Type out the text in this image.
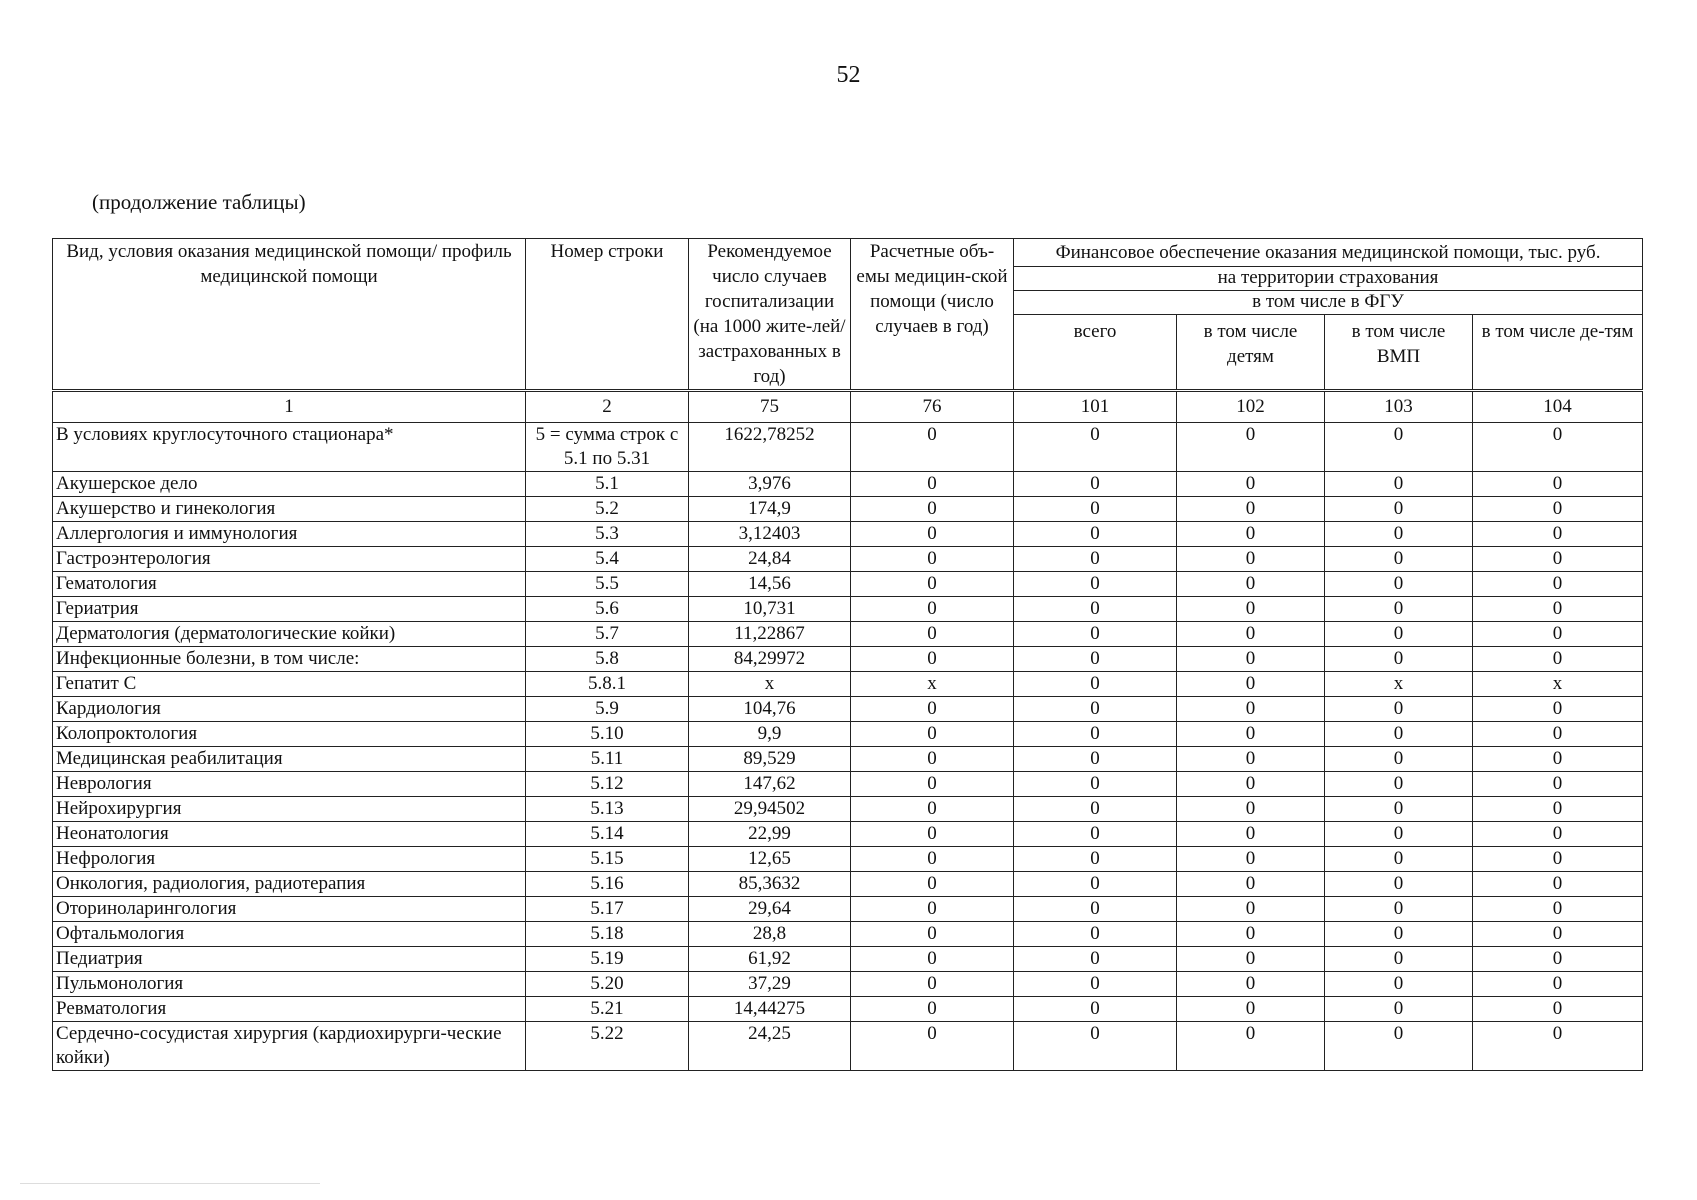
52
(продолжение таблицы)
Вид, условия оказания медицинской помощи/ профиль медицинской помощи	Номер строки	Рекомендуемое число случаев госпитализации (на 1000 жите-лей/ застрахованных в год)	Расчетные объ-емы медицин-ской помощи (число случаев в год)	Финансовое обеспечение оказания медицинской помощи, тыс. руб.			
				на территории страхования			
				в том числе в ФГУ			
				всего	в том числе детям	в том числе ВМП	в том числе де-тям
1	2	75	76	101	102	103	104
В условиях круглосуточного стационара*	5 = сумма строк с 5.1 по 5.31	1622,78252	0	0	0	0	0
Акушерское дело	5.1	3,976	0	0	0	0	0
Акушерство и гинекология	5.2	174,9	0	0	0	0	0
Аллергология и иммунология	5.3	3,12403	0	0	0	0	0
Гастроэнтерология	5.4	24,84	0	0	0	0	0
Гематология	5.5	14,56	0	0	0	0	0
Гериатрия	5.6	10,731	0	0	0	0	0
Дерматология (дерматологические койки)	5.7	11,22867	0	0	0	0	0
Инфекционные болезни, в том числе:	5.8	84,29972	0	0	0	0	0
Гепатит С	5.8.1	x	x	0	0	x	x
Кардиология	5.9	104,76	0	0	0	0	0
Колопроктология	5.10	9,9	0	0	0	0	0
Медицинская реабилитация	5.11	89,529	0	0	0	0	0
Неврология	5.12	147,62	0	0	0	0	0
Нейрохирургия	5.13	29,94502	0	0	0	0	0
Неонатология	5.14	22,99	0	0	0	0	0
Нефрология	5.15	12,65	0	0	0	0	0
Онкология, радиология, радиотерапия	5.16	85,3632	0	0	0	0	0
Оториноларингология	5.17	29,64	0	0	0	0	0
Офтальмология	5.18	28,8	0	0	0	0	0
Педиатрия	5.19	61,92	0	0	0	0	0
Пульмонология	5.20	37,29	0	0	0	0	0
Ревматология	5.21	14,44275	0	0	0	0	0
Сердечно-сосудистая хирургия (кардиохирурги-ческие койки)	5.22	24,25	0	0	0	0	0
